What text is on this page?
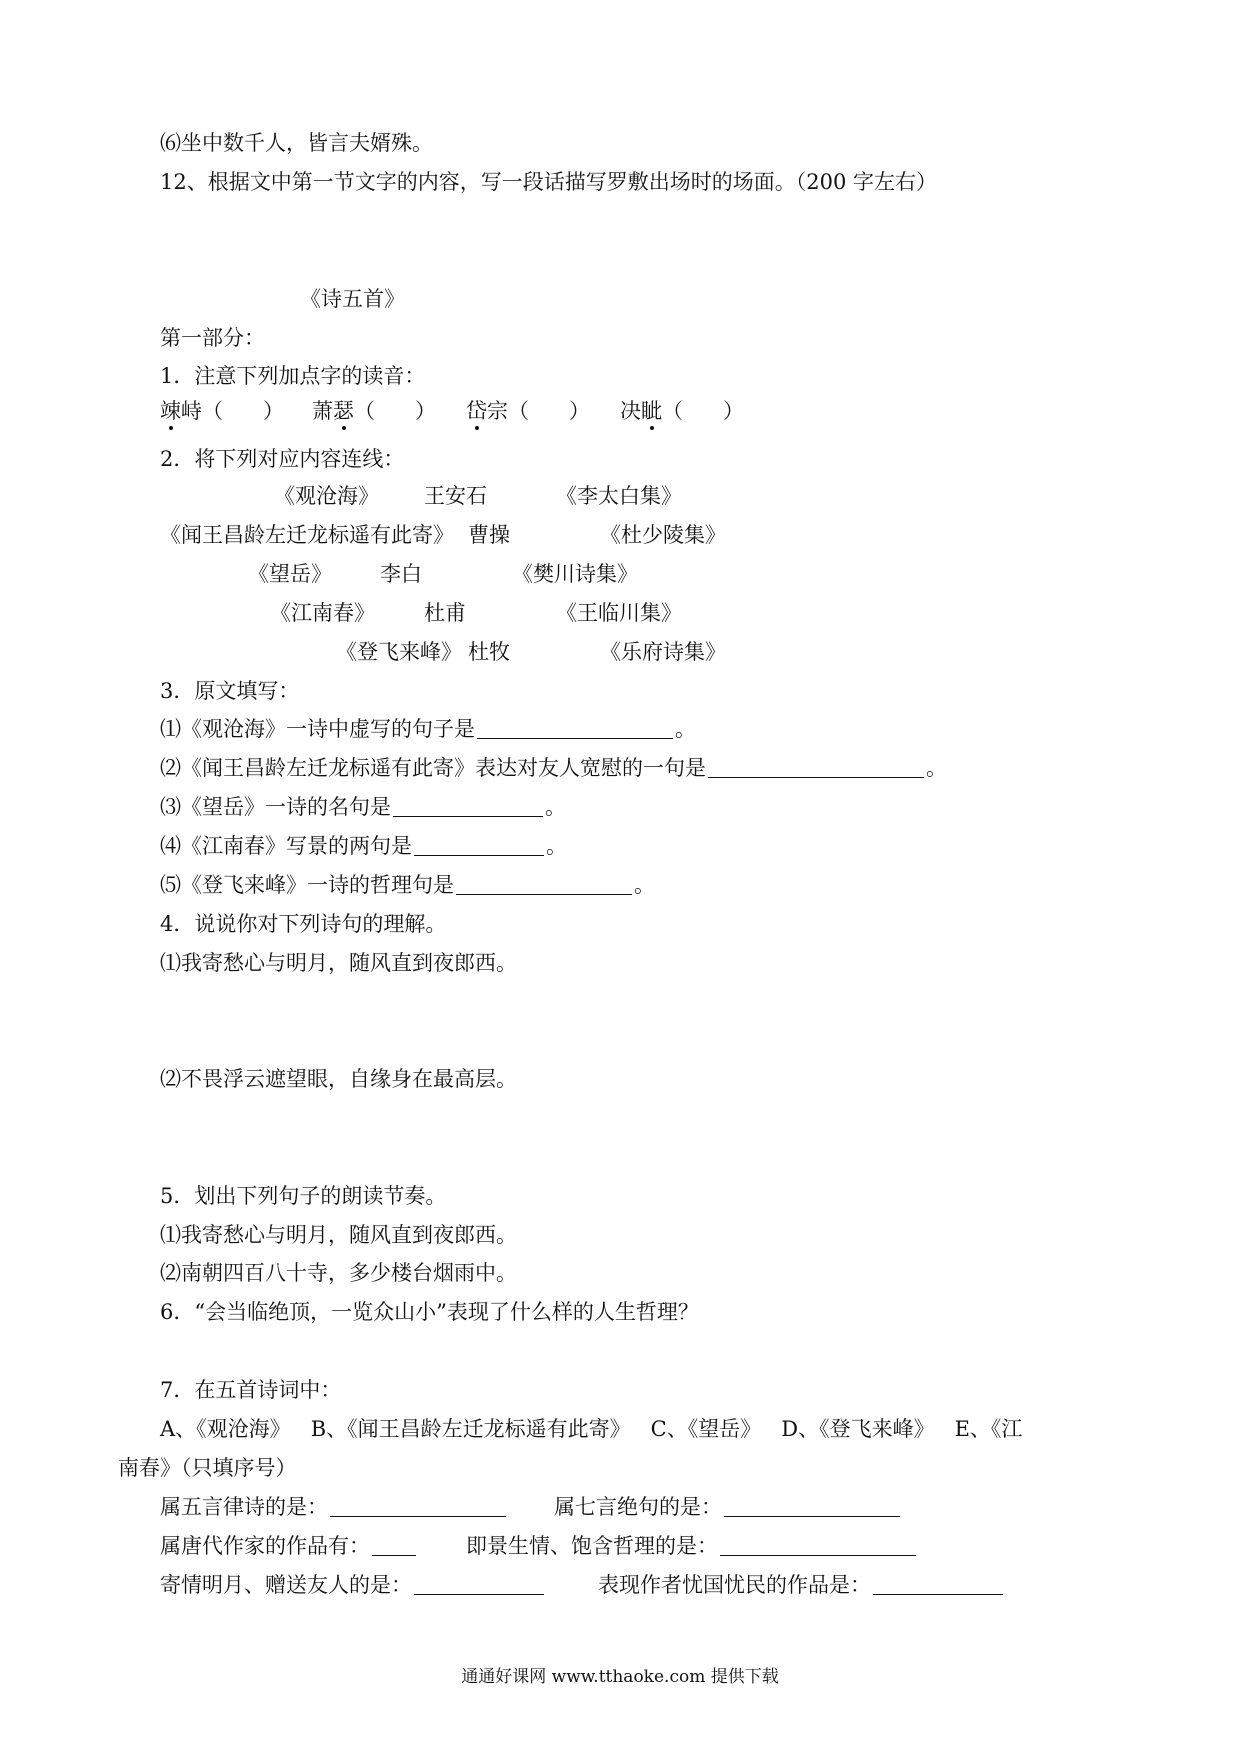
⑹坐中数千人，皆言夫婿殊。
12、根据文中第一节文字的内容，写一段话描写罗敷出场时的场面。（200 字左右）
《诗五首》
第一部分：
1．注意下列加点字的读音：
竦峙（      ） 萧瑟（      ） 岱宗（      ） 决眦（      ）
2．将下列对应内容连线：
《观沧海》 王安石	《李太白集》
《闻王昌龄左迁龙标遥有此寄》 曹操	《杜少陵集》
《望岳》 李白	《樊川诗集》
《江南春》 杜甫	《王临川集》
《登飞来峰》 杜牧	《乐府诗集》
3．原文填写：
⑴《观沧海》一诗中虚写的句子是	。
⑵《闻王昌龄左迁龙标遥有此寄》表达对友人宽慰的一句是	。
⑶《望岳》一诗的名句是	。
⑷《江南春》写景的两句是	。
⑸《登飞来峰》一诗的哲理句是	。
4．说说你对下列诗句的理解。
⑴我寄愁心与明月，随风直到夜郎西。
⑵不畏浮云遮望眼，自缘身在最高层。
5．划出下列句子的朗读节奏。
⑴我寄愁心与明月，随风直到夜郎西。
⑵南朝四百八十寺，多少楼台烟雨中。
6．“会当临绝顶，一览众山小”表现了什么样的人生哲理？
7．在五首诗词中：
A、《观沧海》   B、《闻王昌龄左迁龙标遥有此寄》   C、《望岳》   D、《登飞来峰》   E、《江
南春》（只填序号）
属五言律诗的是：	属七言绝句的是：
属唐代作家的作品有：	即景生情、饱含哲理的是：
寄情明月、赠送友人的是：	表现作者忧国忧民的作品是：
通通好课网 www.tthaoke.com 提供下载
